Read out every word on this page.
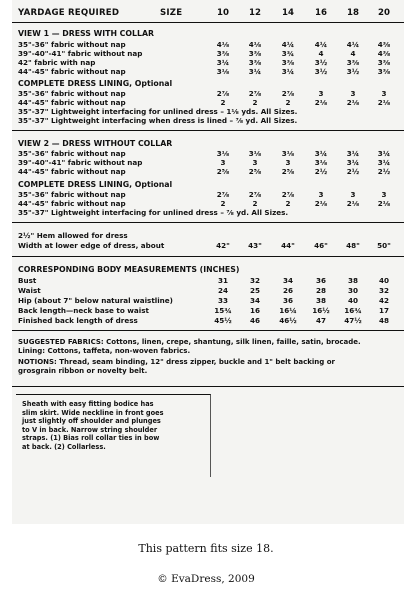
YARDAGE REQUIRED	SIZE	10	12	14	16	18	20
VIEW 1 — DRESS WITH COLLAR
35"-36" fabric without nap	4⅛	4⅛	4¼	4¼	4¼	4⅜
39"-40"-41" fabric without nap	3⅜	3⅜	3¾	4	4	4⅜
42" fabric with nap	3¼	3⅜	3⅜	3½	3⅜	3⅜
44"-45" fabric without nap	3⅛	3¼	3¼	3½	3½	3⅜
COMPLETE DRESS LINING, Optional
35"-36" fabric without nap	2⅞	2⅞	2⅞	3	3	3
44"-45" fabric without nap	2	2	2	2⅛	2⅛	2⅛
35"-37" Lightweight interfacing for unlined dress – 1⅛ yds. All Sizes.
35"-37" Lightweight interfacing when dress is lined – ⅞ yd. All Sizes.
VIEW 2 — DRESS WITHOUT COLLAR
35"-36" fabric without nap	3⅛	3⅛	3⅛	3¼	3¼	3¼
39"-40"-41" fabric without nap	3	3	3	3⅛	3¼	3¼
44"-45" fabric without nap	2⅝	2⅝	2⅝	2½	2½	2½
COMPLETE DRESS LINING, Optional
35"-36" fabric without nap	2⅞	2⅞	2⅞	3	3	3
44"-45" fabric without nap	2	2	2	2⅛	2⅛	2⅛
35"-37" Lightweight interfacing for unlined dress – ⅞ yd. All Sizes.
2½" Hem allowed for dress
Width at lower edge of dress, about	42"	43"	44"	46"	48"	50"
CORRESPONDING BODY MEASUREMENTS (INCHES)
Bust	31	32	34	36	38	40
Waist	24	25	26	28	30	32
Hip (about 7" below natural waistline)	33	34	36	38	40	42
Back length—neck base to waist	15¾	16	16¼	16½	16¾	17
Finished back length of dress	45½	46	46½	47	47½	48
SUGGESTED FABRICS: Cottons, linen, crepe, shantung, silk linen, faille, satin, brocade.
Lining: Cottons, taffeta, non-woven fabrics.
NOTIONS: Thread, seam binding, 12" dress zipper, buckle and 1" belt backing or
grosgrain ribbon or novelty belt.
Sheath with easy fitting bodice has
slim skirt. Wide neckline in front goes
just slightly off shoulder and plunges
to V in back. Narrow string shoulder
straps. (1) Bias roll collar ties in bow
at back. (2) Collarless.
This pattern fits size 18.
© EvaDress, 2009
